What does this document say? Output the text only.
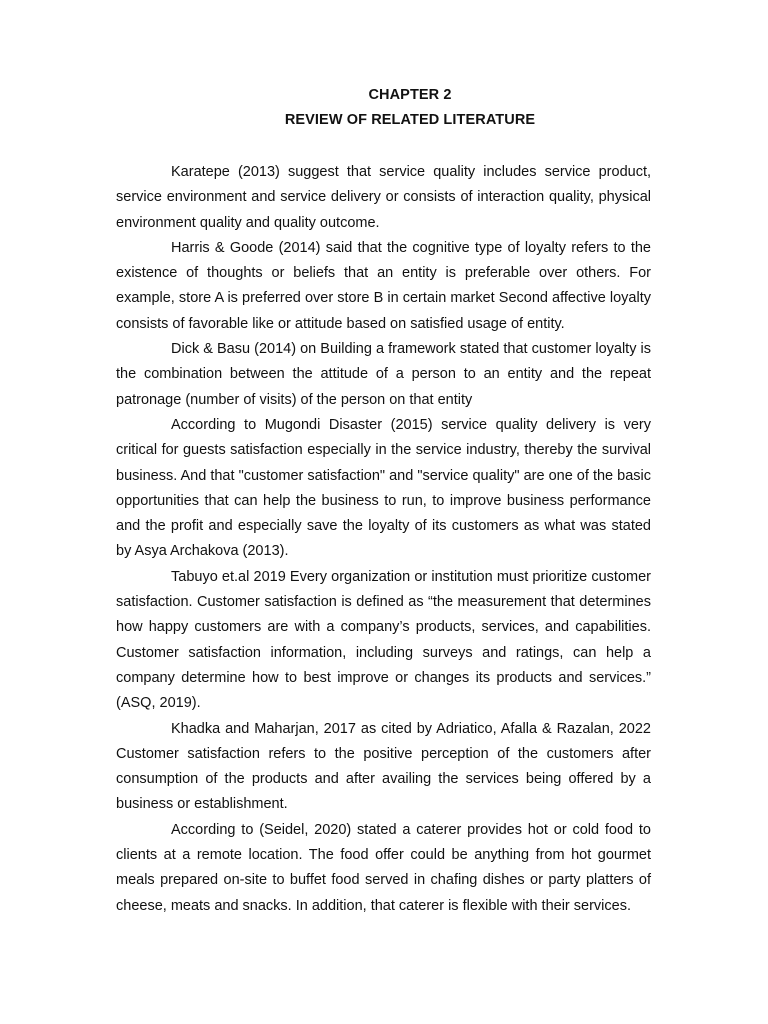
CHAPTER 2
REVIEW OF RELATED LITERATURE

Karatepe (2013) suggest that service quality includes service product, service environment and service delivery or consists of interaction quality, physical environment quality and quality outcome.

Harris & Goode (2014) said that the cognitive type of loyalty refers to the existence of thoughts or beliefs that an entity is preferable over others. For example, store A is preferred over store B in certain market Second affective loyalty consists of favorable like or attitude based on satisfied usage of entity.

Dick & Basu (2014) on Building a framework stated that customer loyalty is the combination between the attitude of a person to an entity and the repeat patronage (number of visits) of the person on that entity

According to Mugondi Disaster (2015) service quality delivery is very critical for guests satisfaction especially in the service industry, thereby the survival business. And that "customer satisfaction" and "service quality" are one of the basic opportunities that can help the business to run, to improve business performance and the profit and especially save the loyalty of its customers as what was stated by Asya Archakova (2013).

Tabuyo et.al 2019 Every organization or institution must prioritize customer satisfaction. Customer satisfaction is defined as “the measurement that determines how happy customers are with a company’s products, services, and capabilities. Customer satisfaction information, including surveys and ratings, can help a company determine how to best improve or changes its products and services.” (ASQ, 2019).

Khadka and Maharjan, 2017 as cited by Adriatico, Afalla & Razalan, 2022 Customer satisfaction refers to the positive perception of the customers after consumption of the products and after availing the services being offered by a business or establishment.

According to (Seidel, 2020) stated a caterer provides hot or cold food to clients at a remote location. The food offer could be anything from hot gourmet meals prepared on-site to buffet food served in chafing dishes or party platters of cheese, meats and snacks. In addition, that caterer is flexible with their services.
